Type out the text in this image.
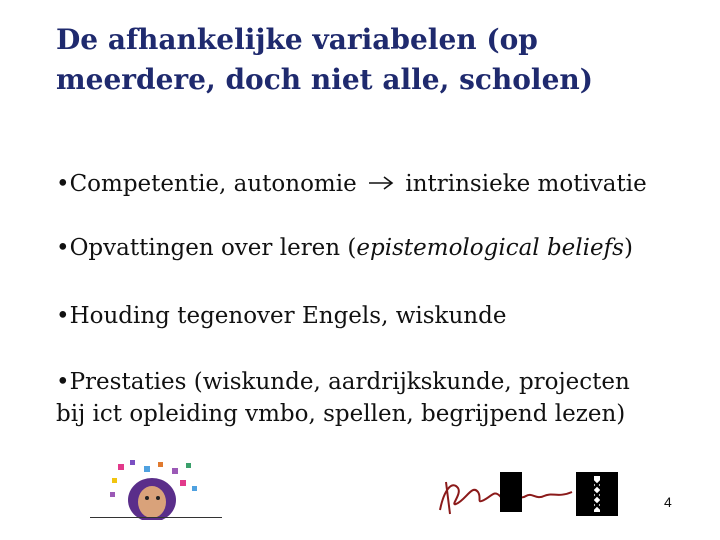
De afhankelijke variabelen (op
meerdere, doch niet alle, scholen)
•Competentie, autonomie  intrinsieke motivatie
•Opvattingen over leren (epistemological beliefs)
•Houding tegenover Engels, wiskunde
•Prestaties (wiskunde, aardrijkskunde, projecten
bij ict opleiding vmbo, spellen, begrijpend lezen)
4
